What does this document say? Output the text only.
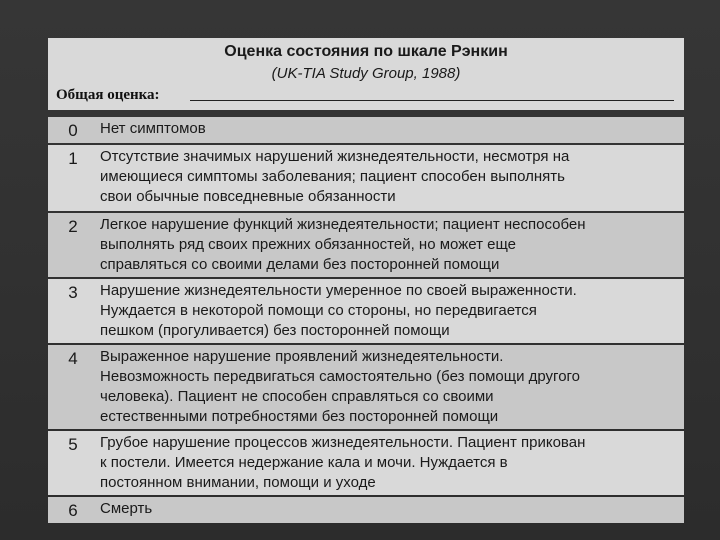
Оценка состояния по шкале Рэнкин
(UK-TIA Study Group, 1988)
Общая оценка:
0	Нет симптомов
1	Отсутствие значимых нарушений жизнедеятельности, несмотря на
имеющиеся симптомы заболевания; пациент способен выполнять
свои обычные повседневные обязанности
2	Легкое нарушение функций жизнедеятельности; пациент неспособен
выполнять ряд своих прежних обязанностей, но может еще
справляться со своими делами без посторонней помощи
3	Нарушение жизнедеятельности умеренное по своей выраженности.
Нуждается в некоторой помощи со стороны, но передвигается
пешком (прогуливается) без посторонней помощи
4	Выраженное нарушение проявлений жизнедеятельности.
Невозможность передвигаться самостоятельно (без помощи другого
человека). Пациент не способен справляться со своими
естественными потребностями без посторонней помощи
5	Грубое нарушение процессов жизнедеятельности. Пациент прикован
к постели. Имеется недержание кала и мочи. Нуждается в
постоянном внимании, помощи и уходе
6	Смерть
